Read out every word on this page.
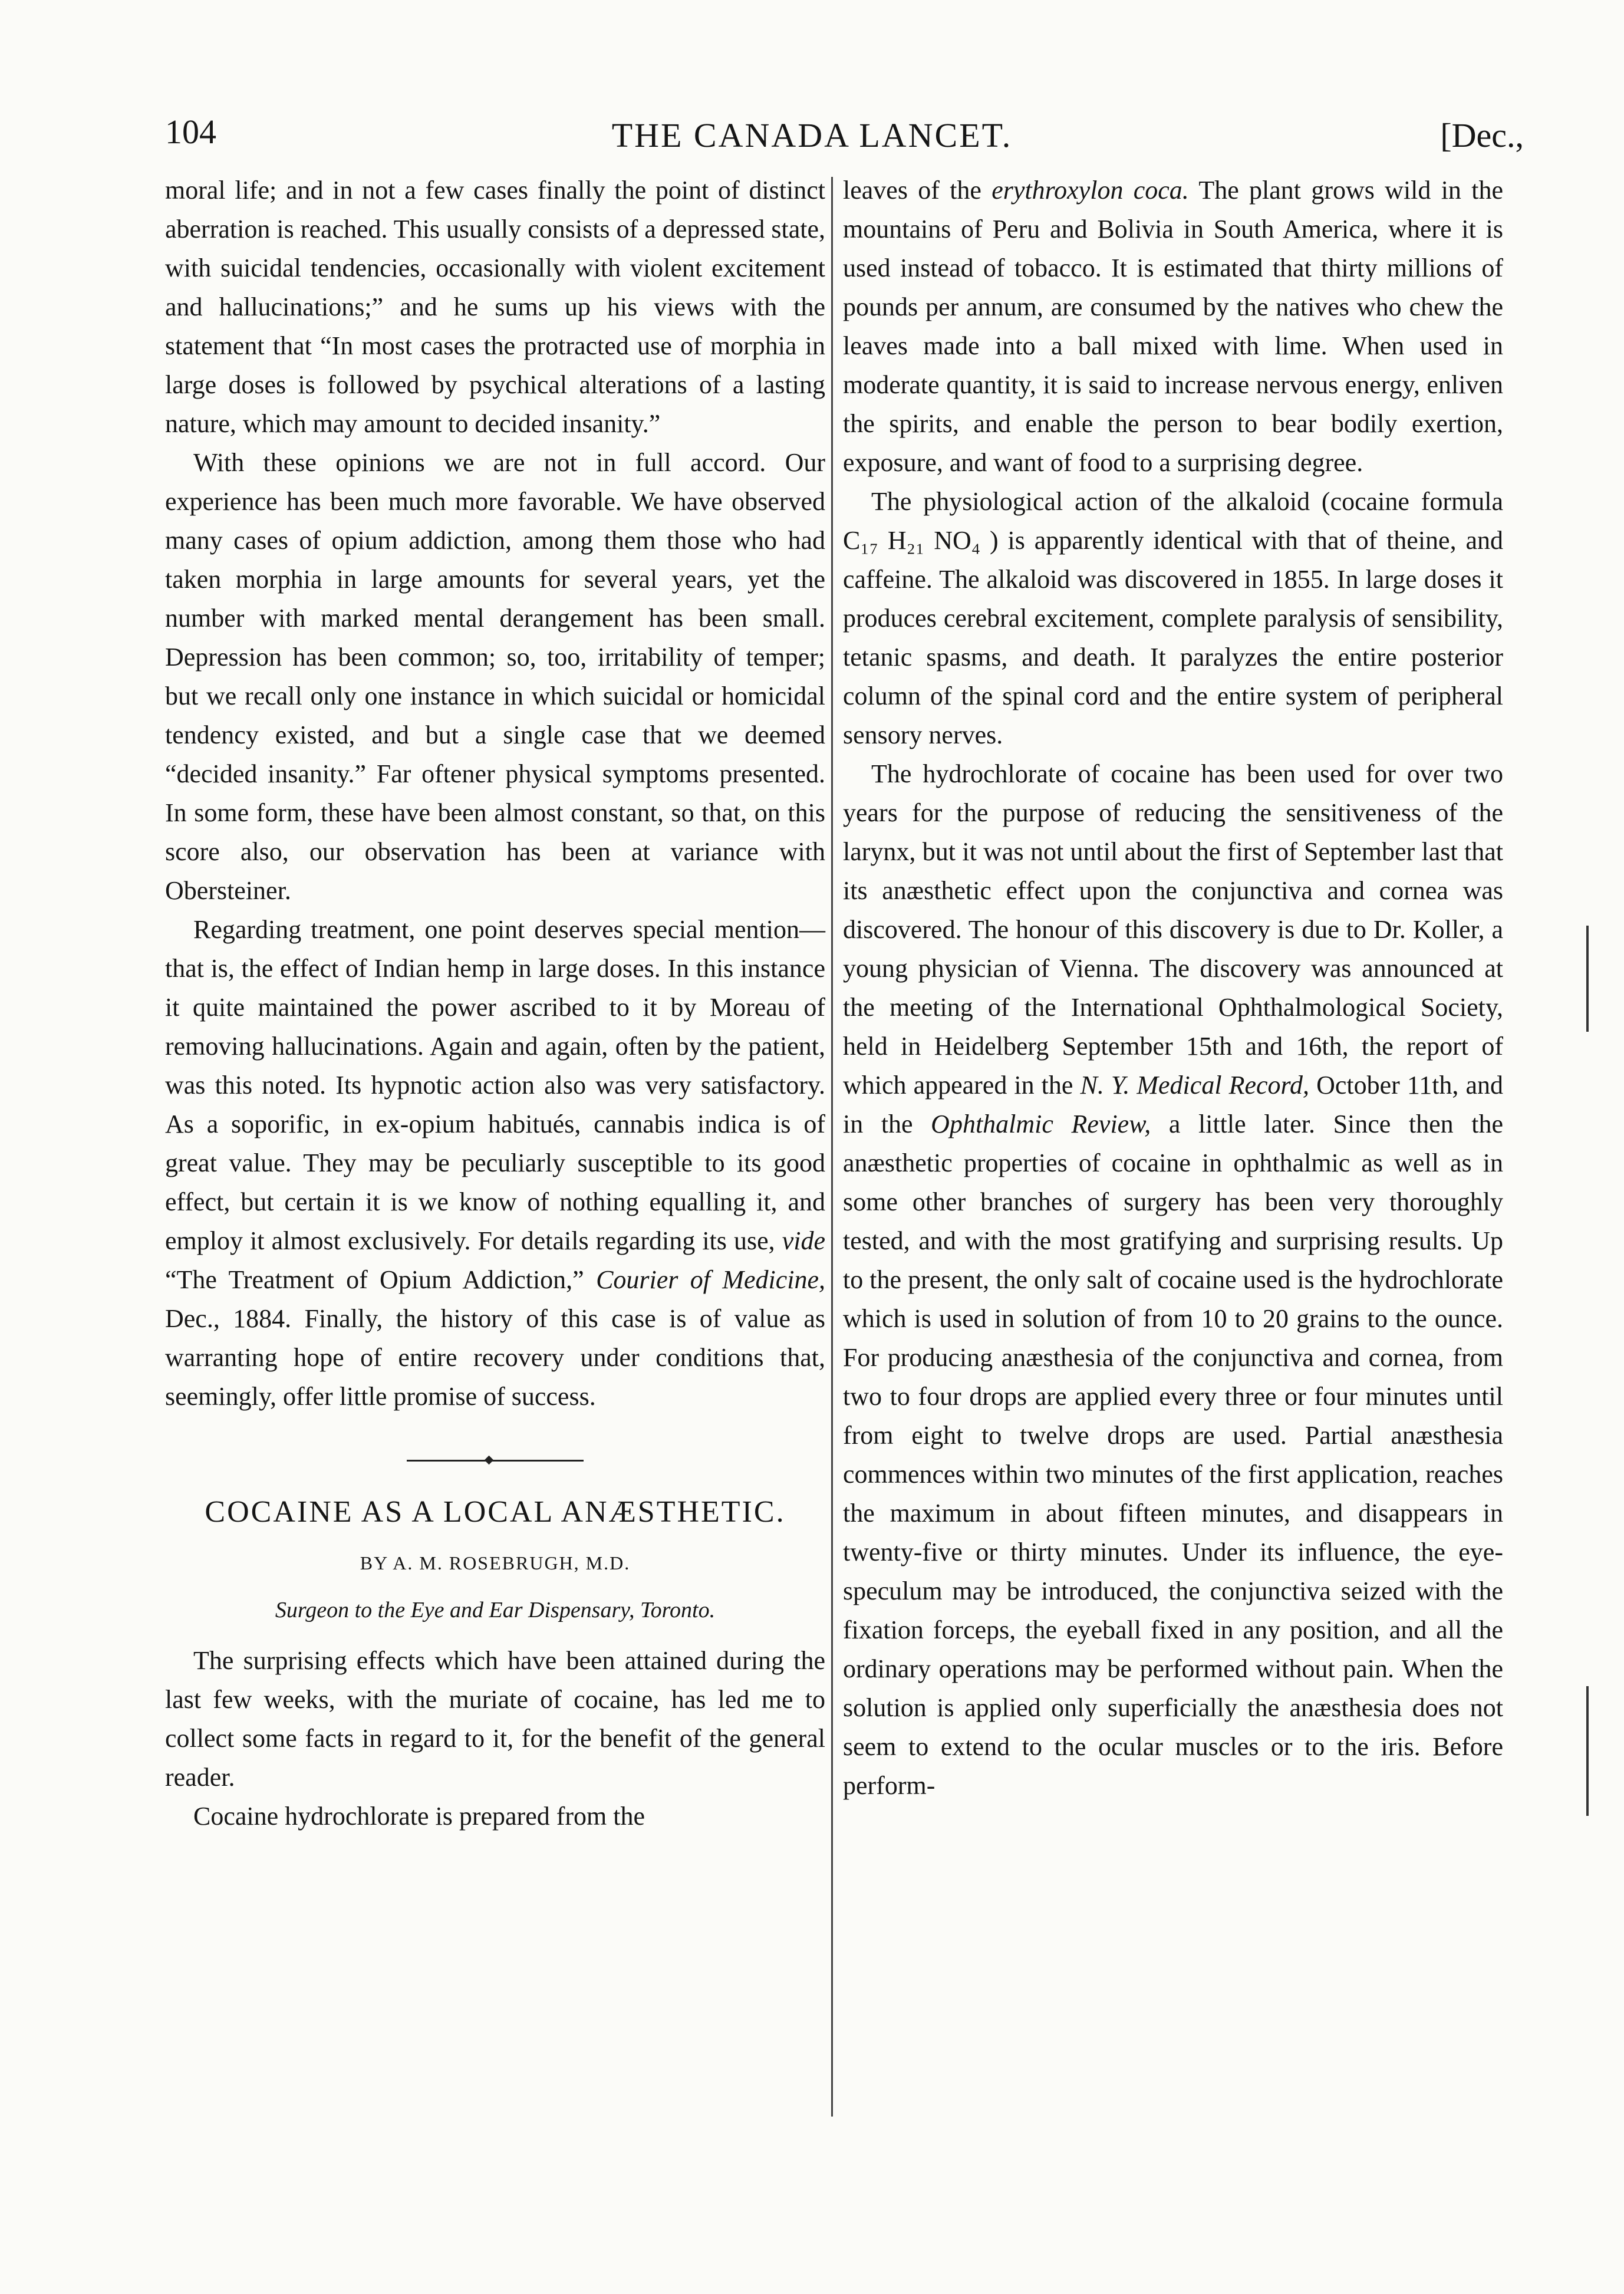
104	THE CANADA LANCET.	[Dec.,

moral life; and in not a few cases finally the point of distinct aberration is reached. This usually consists of a depressed state, with suicidal tendencies, occasionally with violent excitement and hallucinations;” and he sums up his views with the statement that “In most cases the protracted use of morphia in large doses is followed by psychical alterations of a lasting nature, which may amount to decided insanity.”

With these opinions we are not in full accord. Our experience has been much more favorable. We have observed many cases of opium addiction, among them those who had taken morphia in large amounts for several years, yet the number with marked mental derangement has been small. Depression has been common; so, too, irritability of temper; but we recall only one instance in which suicidal or homicidal tendency existed, and but a single case that we deemed “decided insanity.” Far oftener physical symptoms presented. In some form, these have been almost constant, so that, on this score also, our observation has been at variance with Obersteiner.

Regarding treatment, one point deserves special mention—that is, the effect of Indian hemp in large doses. In this instance it quite maintained the power ascribed to it by Moreau of removing hallucinations. Again and again, often by the patient, was this noted. Its hypnotic action also was very satisfactory. As a soporific, in ex-opium habitués, cannabis indica is of great value. They may be peculiarly susceptible to its good effect, but certain it is we know of nothing equalling it, and employ it almost exclusively. For details regarding its use, vide “The Treatment of Opium Addiction,” Courier of Medicine, Dec., 1884. Finally, the history of this case is of value as warranting hope of entire recovery under conditions that, seemingly, offer little promise of success.

COCAINE AS A LOCAL ANÆSTHETIC.
BY A. M. ROSEBRUGH, M.D.
Surgeon to the Eye and Ear Dispensary, Toronto.

The surprising effects which have been attained during the last few weeks, with the muriate of cocaine, has led me to collect some facts in regard to it, for the benefit of the general reader.

Cocaine hydrochlorate is prepared from the

leaves of the erythroxylon coca. The plant grows wild in the mountains of Peru and Bolivia in South America, where it is used instead of tobacco. It is estimated that thirty millions of pounds per annum, are consumed by the natives who chew the leaves made into a ball mixed with lime. When used in moderate quantity, it is said to increase nervous energy, enliven the spirits, and enable the person to bear bodily exertion, exposure, and want of food to a surprising degree.

The physiological action of the alkaloid (cocaine formula C₁₇ H₂₁ NO₄ ) is apparently identical with that of theine, and caffeine. The alkaloid was discovered in 1855. In large doses it produces cerebral excitement, complete paralysis of sensibility, tetanic spasms, and death. It paralyzes the entire posterior column of the spinal cord and the entire system of peripheral sensory nerves.

The hydrochlorate of cocaine has been used for over two years for the purpose of reducing the sensitiveness of the larynx, but it was not until about the first of September last that its anæsthetic effect upon the conjunctiva and cornea was discovered. The honour of this discovery is due to Dr. Koller, a young physician of Vienna. The discovery was announced at the meeting of the International Ophthalmological Society, held in Heidelberg September 15th and 16th, the report of which appeared in the N. Y. Medical Record, October 11th, and in the Ophthalmic Review, a little later. Since then the anæsthetic properties of cocaine in ophthalmic as well as in some other branches of surgery has been very thoroughly tested, and with the most gratifying and surprising results. Up to the present, the only salt of cocaine used is the hydrochlorate which is used in solution of from 10 to 20 grains to the ounce. For producing anæsthesia of the conjunctiva and cornea, from two to four drops are applied every three or four minutes until from eight to twelve drops are used. Partial anæsthesia commences within two minutes of the first application, reaches the maximum in about fifteen minutes, and disappears in twenty-five or thirty minutes. Under its influence, the eye-speculum may be introduced, the conjunctiva seized with the fixation forceps, the eyeball fixed in any position, and all the ordinary operations may be performed without pain. When the solution is applied only superficially the anæsthesia does not seem to extend to the ocular muscles or to the iris. Before perform-
